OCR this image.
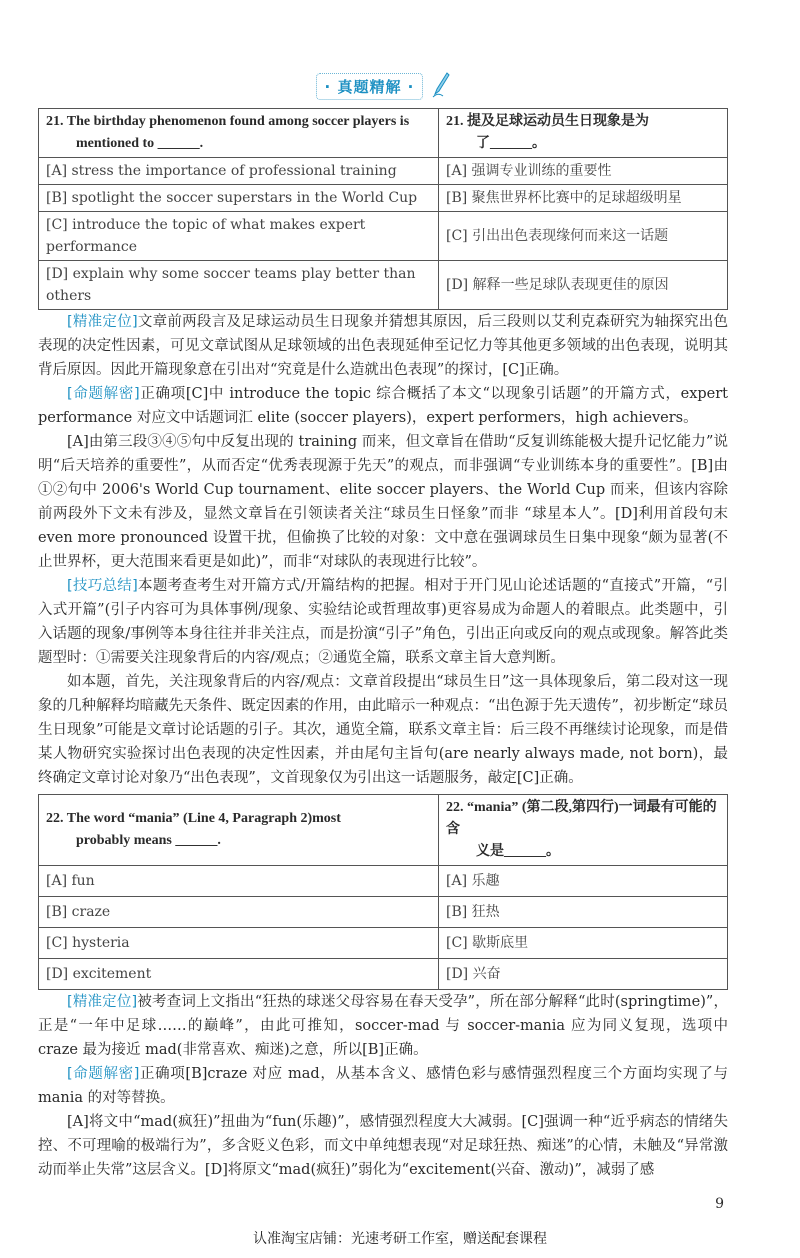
· 真题精解 ·
21. The birthday phenomenon found among soccer players is
mentioned to ______.	21. 提及足球运动员生日现象是为
了______。

[A] stress the importance of professional training	[A] 强调专业训练的重要性
[B] spotlight the soccer superstars in the World Cup	[B] 聚焦世界杯比赛中的足球超级明星
[C] introduce the topic of what makes expert performance	[C] 引出出色表现缘何而来这一话题
[D] explain why some soccer teams play better than others	[D] 解释一些足球队表现更佳的原因

[精准定位]文章前两段言及足球运动员生日现象并猜想其原因，后三段则以艾利克森研究为轴探究出色表现的决定性因素，可见文章试图从足球领域的出色表现延伸至记忆力等其他更多领域的出色表现，说明其背后原因。因此开篇现象意在引出对“究竟是什么造就出色表现”的探讨，[C]正确。

[命题解密]正确项[C]中 introduce the topic 综合概括了本文“以现象引话题”的开篇方式，expert performance 对应文中话题词汇 elite (soccer players)，expert performers，high achievers。

[A]由第三段③④⑤句中反复出现的 training 而来，但文章旨在借助“反复训练能极大提升记忆能力”说明“后天培养的重要性”，从而否定“优秀表现源于先天”的观点，而非强调“专业训练本身的重要性”。[B]由①②句中 2006's World Cup tournament、elite soccer players、the World Cup 而来，但该内容除前两段外下文未有涉及，显然文章旨在引领读者关注“球员生日怪象”而非 “球星本人”。[D]利用首段句末 even more pronounced 设置干扰，但偷换了比较的对象：文中意在强调球员生日集中现象“颇为显著(不止世界杯，更大范围来看更是如此)”，而非“对球队的表现进行比较”。

[技巧总结]本题考查考生对开篇方式/开篇结构的把握。相对于开门见山论述话题的“直接式”开篇，“引入式开篇”(引子内容可为具体事例/现象、实验结论或哲理故事)更容易成为命题人的着眼点。此类题中，引入话题的现象/事例等本身往往并非关注点，而是扮演“引子”角色，引出正向或反向的观点或现象。解答此类题型时：①需要关注现象背后的内容/观点；②通览全篇，联系文章主旨大意判断。

如本题，首先，关注现象背后的内容/观点：文章首段提出“球员生日”这一具体现象后，第二段对这一现象的几种解释均暗藏先天条件、既定因素的作用，由此暗示一种观点：“出色源于先天遗传”，初步断定“球员生日现象”可能是文章讨论话题的引子。其次，通览全篇，联系文章主旨：后三段不再继续讨论现象，而是借某人物研究实验探讨出色表现的决定性因素，并由尾句主旨句(are nearly always made, not born)，最终确定文章讨论对象乃“出色表现”，文首现象仅为引出这一话题服务，敲定[C]正确。

22. The word “mania” (Line 4, Paragraph 2)most
probably means ______.	22. “mania” (第二段,第四行)一词最有可能的含
义是______。

[A] fun	[A] 乐趣
[B] craze	[B] 狂热
[C] hysteria	[C] 歇斯底里
[D] excitement	[D] 兴奋

[精准定位]被考查词上文指出“狂热的球迷父母容易在春天受孕”，所在部分解释“此时(springtime)”，正是“一年中足球……的巅峰”，由此可推知，soccer-mad 与 soccer-mania 应为同义复现，选项中 craze 最为接近 mad(非常喜欢、痴迷)之意，所以[B]正确。

[命题解密]正确项[B]craze 对应 mad，从基本含义、感情色彩与感情强烈程度三个方面均实现了与 mania 的对等替换。

[A]将文中“mad(疯狂)”扭曲为“fun(乐趣)”，感情强烈程度大大减弱。[C]强调一种“近乎病态的情绪失控、不可理喻的极端行为”，多含贬义色彩，而文中单纯想表现“对足球狂热、痴迷”的心情，未触及“异常激动而举止失常”这层含义。[D]将原文“mad(疯狂)”弱化为“excitement(兴奋、激动)”，减弱了感

9
认准淘宝店铺：光速考研工作室，赠送配套课程
